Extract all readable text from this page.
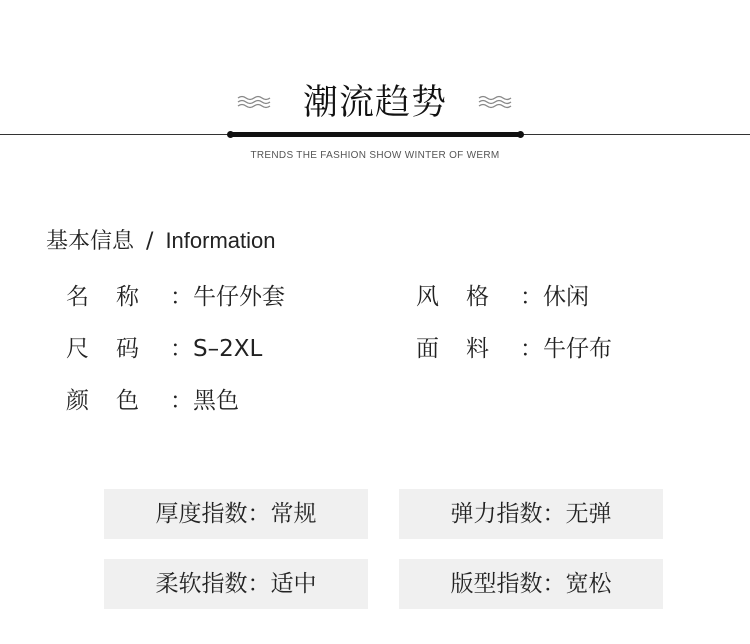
潮流趋势
TRENDS THE FASHION SHOW WINTER OF WERM
基本信息 / Information
名 称 ：牛仔外套	风 格 ：休闲
尺 码 ：S–2XL	面 料 ：牛仔布
颜 色 ：黑色
厚度指数：常规	弹力指数：无弹
柔软指数：适中	版型指数：宽松
